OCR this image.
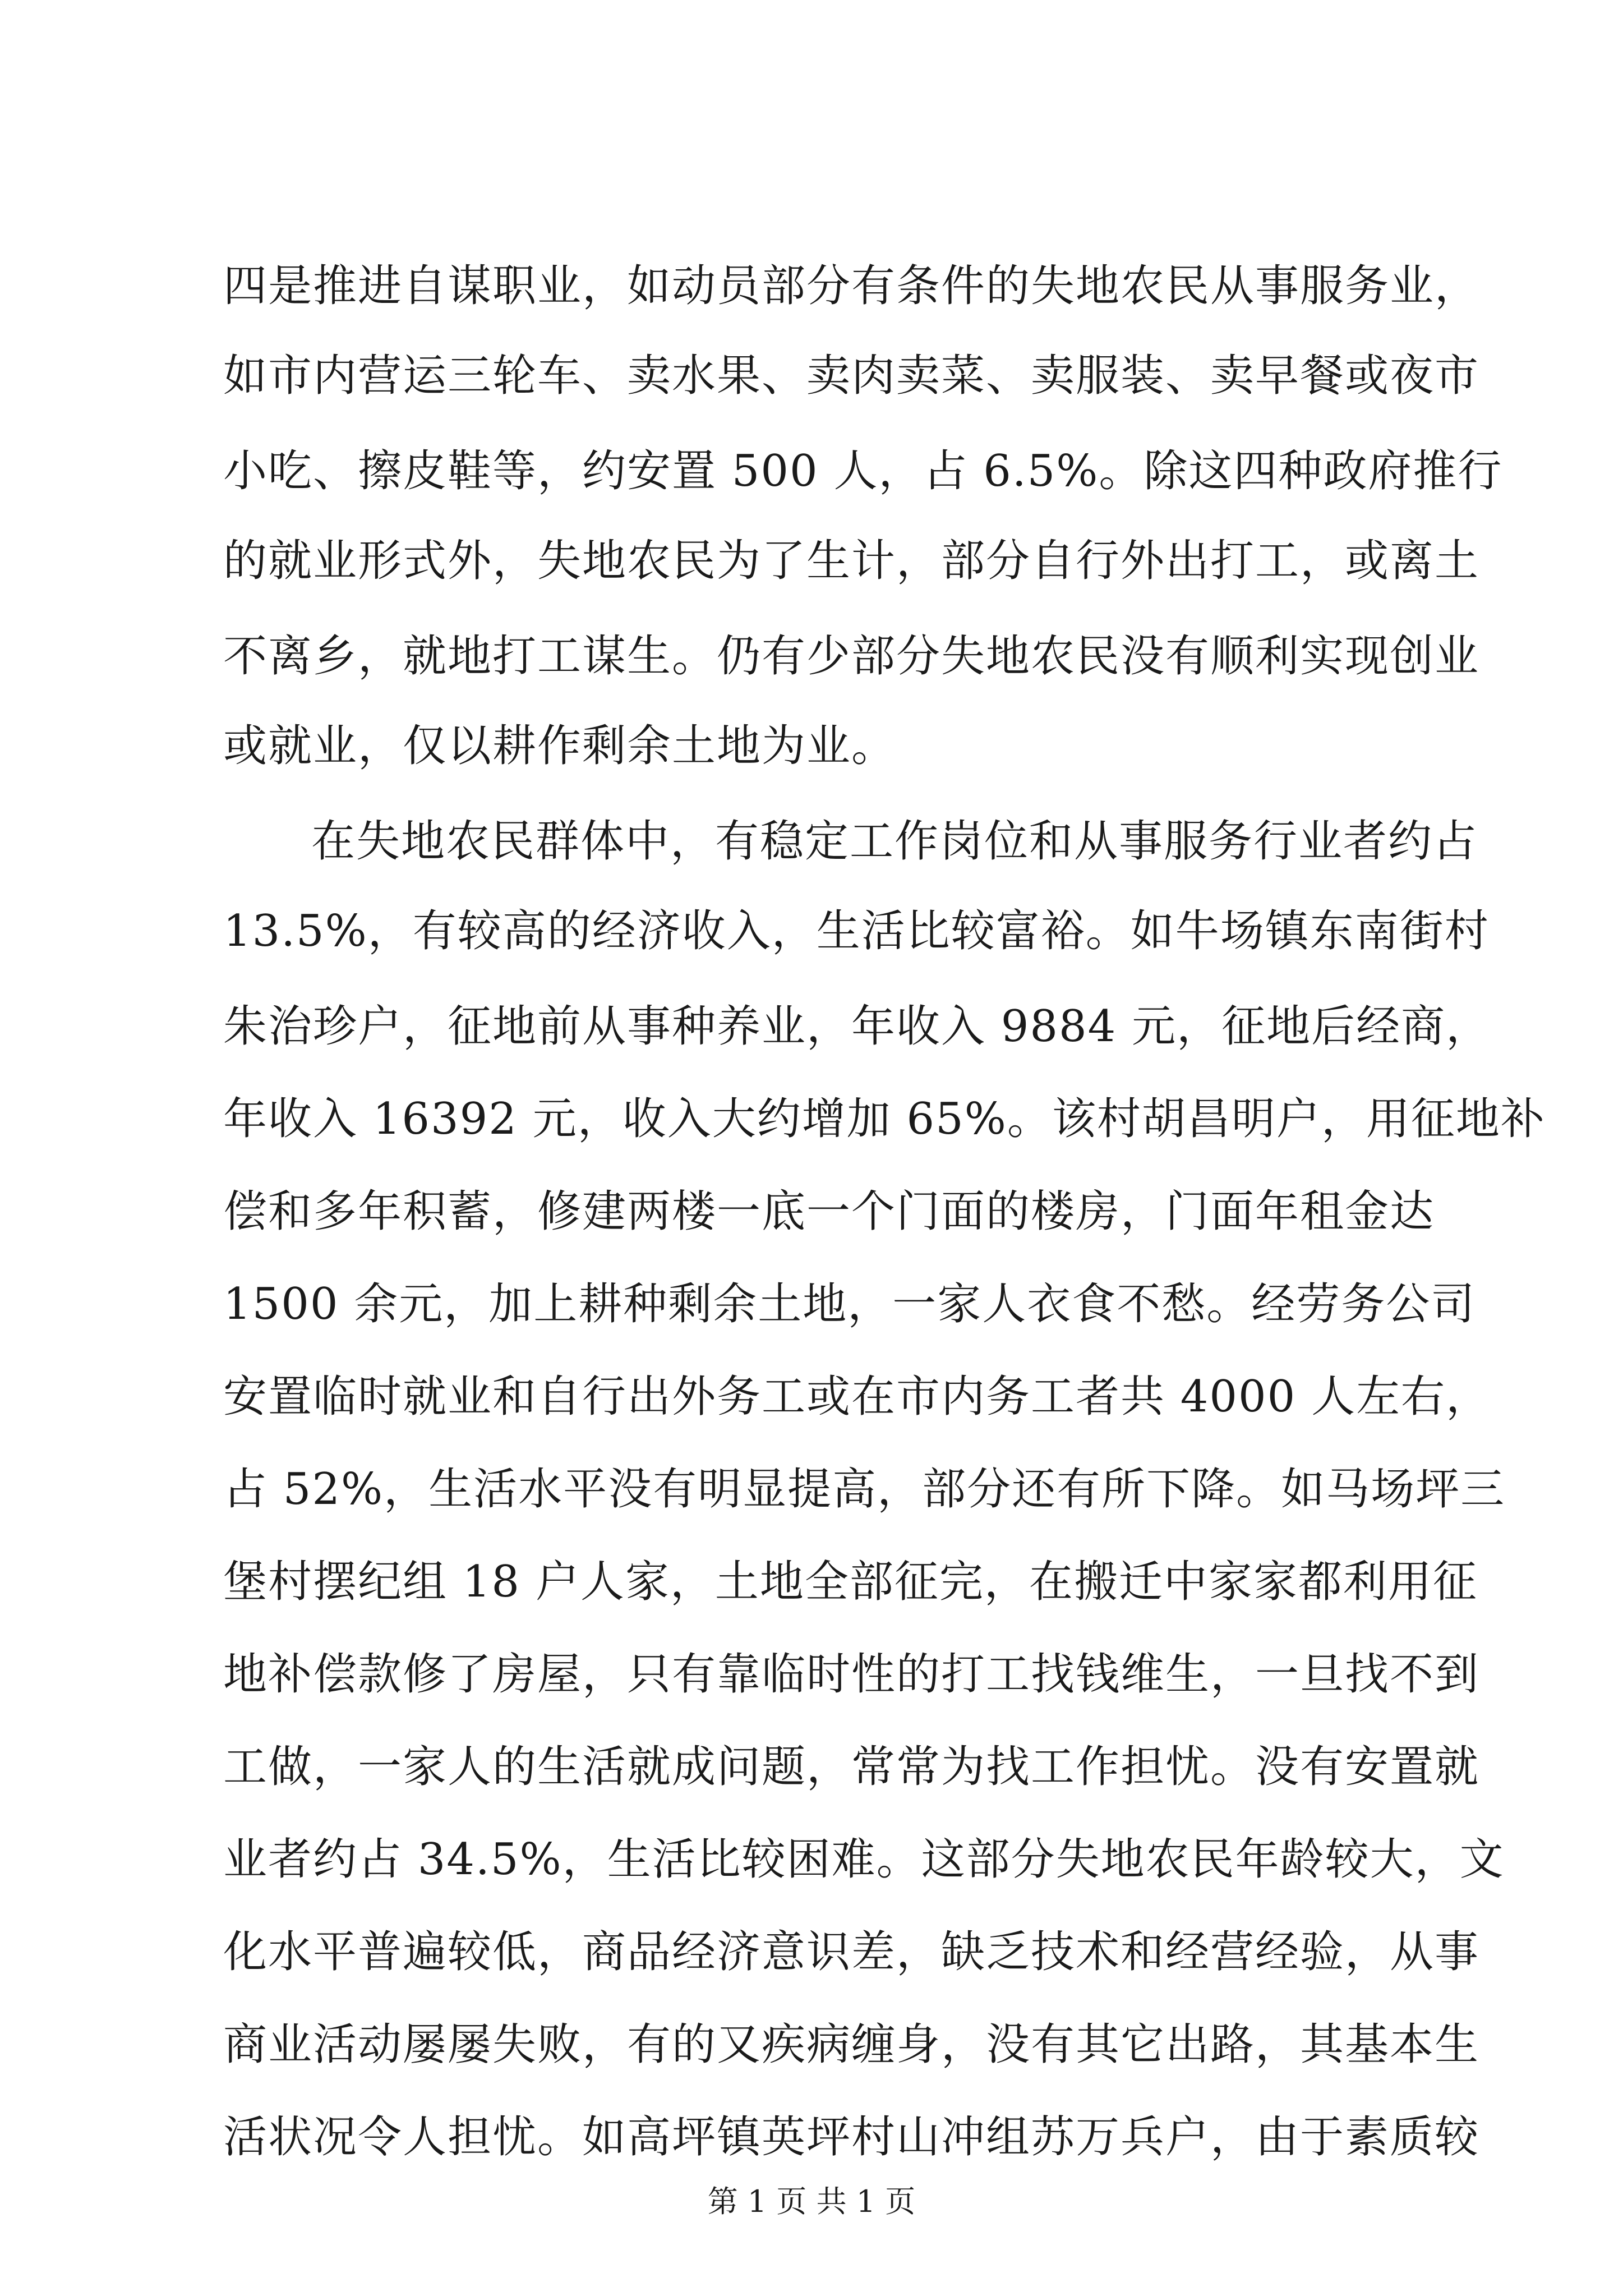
四是推进自谋职业，如动员部分有条件的失地农民从事服务业，
如市内营运三轮车、卖水果、卖肉卖菜、卖服装、卖早餐或夜市
小吃、擦皮鞋等，约安置 500 人，占 6.5%。除这四种政府推行
的就业形式外，失地农民为了生计，部分自行外出打工，或离土
不离乡，就地打工谋生。仍有少部分失地农民没有顺利实现创业
或就业，仅以耕作剩余土地为业。
在失地农民群体中，有稳定工作岗位和从事服务行业者约占
13.5%，有较高的经济收入，生活比较富裕。如牛场镇东南街村
朱治珍户，征地前从事种养业，年收入 9884 元，征地后经商，
年收入 16392 元，收入大约增加 65%。该村胡昌明户，用征地补
偿和多年积蓄，修建两楼一底一个门面的楼房，门面年租金达
1500 余元，加上耕种剩余土地，一家人衣食不愁。经劳务公司
安置临时就业和自行出外务工或在市内务工者共 4000 人左右，
占 52%，生活水平没有明显提高，部分还有所下降。如马场坪三
堡村摆纪组 18 户人家，土地全部征完，在搬迁中家家都利用征
地补偿款修了房屋，只有靠临时性的打工找钱维生，一旦找不到
工做，一家人的生活就成问题，常常为找工作担忧。没有安置就
业者约占 34.5%，生活比较困难。这部分失地农民年龄较大，文
化水平普遍较低，商品经济意识差，缺乏技术和经营经验，从事
商业活动屡屡失败，有的又疾病缠身，没有其它出路，其基本生
活状况令人担忧。如高坪镇英坪村山冲组苏万兵户，由于素质较
第 1 页 共 1 页
